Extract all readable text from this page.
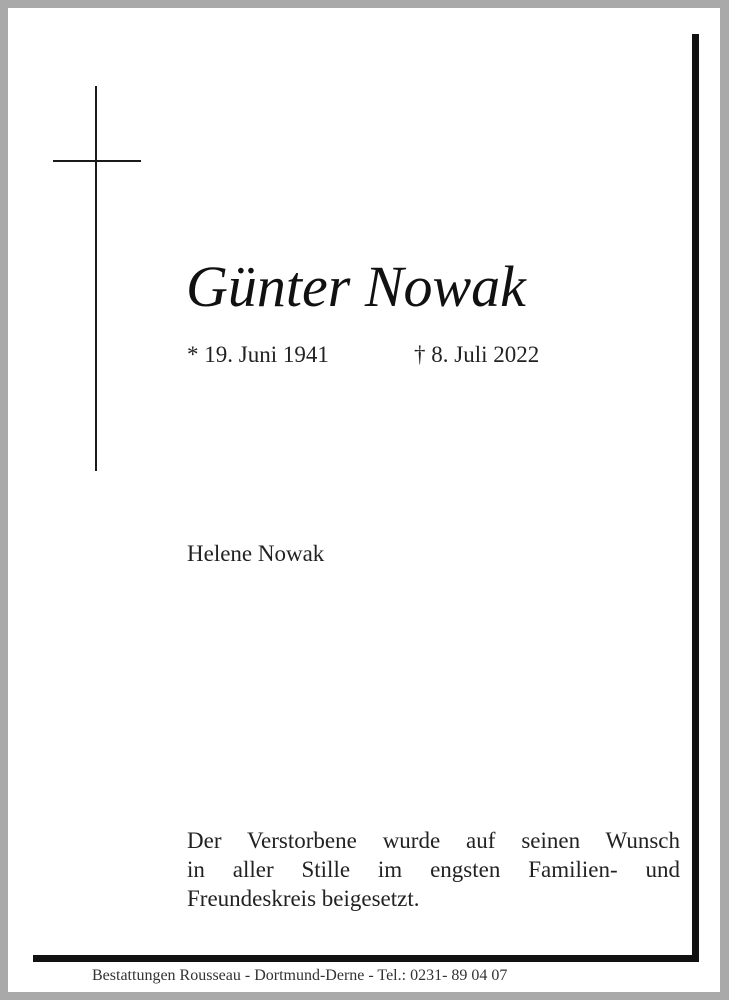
Günter Nowak
* 19. Juni 1941	† 8. Juli 2022
Helene Nowak
Der Verstorbene wurde auf seinen Wunsch
in aller Stille im engsten Familien- und
Freundeskreis beigesetzt.
Bestattungen Rousseau - Dortmund-Derne - Tel.: 0231- 89 04 07
